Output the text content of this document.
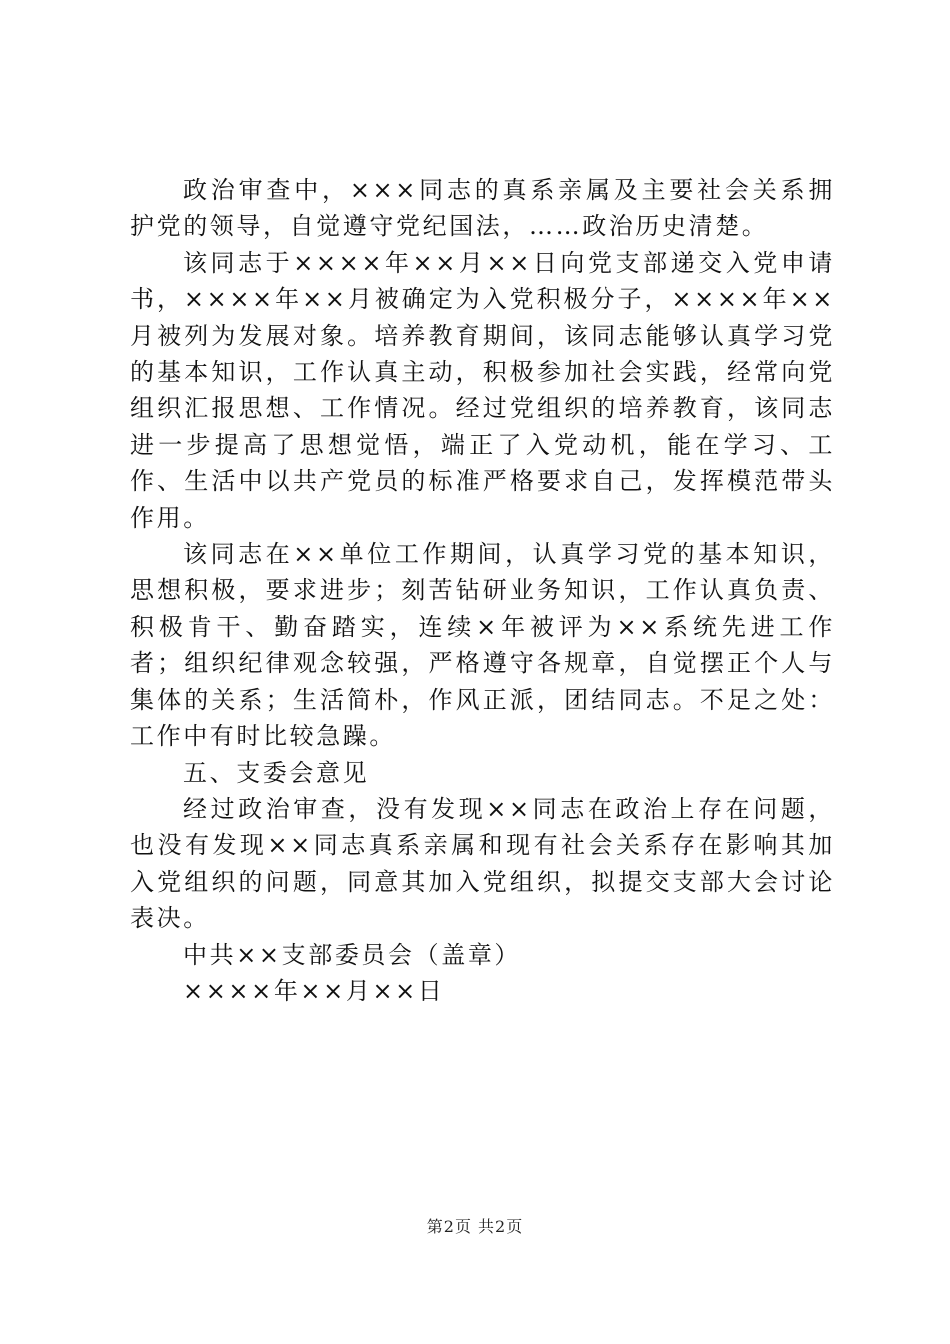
政治审查中，×××同志的真系亲属及主要社会关系拥护党的领导，自觉遵守党纪国法，……政治历史清楚。

该同志于××××年××月××日向党支部递交入党申请书，××××年××月被确定为入党积极分子，××××年××月被列为发展对象。培养教育期间，该同志能够认真学习党的基本知识，工作认真主动，积极参加社会实践，经常向党组织汇报思想、工作情况。经过党组织的培养教育，该同志进一步提高了思想觉悟，端正了入党动机，能在学习、工作、生活中以共产党员的标准严格要求自己，发挥模范带头作用。

该同志在××单位工作期间，认真学习党的基本知识，思想积极，要求进步；刻苦钻研业务知识，工作认真负责、积极肯干、勤奋踏实，连续×年被评为××系统先进工作者；组织纪律观念较强，严格遵守各规章，自觉摆正个人与集体的关系；生活简朴，作风正派，团结同志。不足之处：工作中有时比较急躁。

五、支委会意见

经过政治审查，没有发现××同志在政治上存在问题，也没有发现××同志真系亲属和现有社会关系存在影响其加入党组织的问题，同意其加入党组织，拟提交支部大会讨论表决。

中共××支部委员会（盖章）

××××年××月××日

第2页 共2页
